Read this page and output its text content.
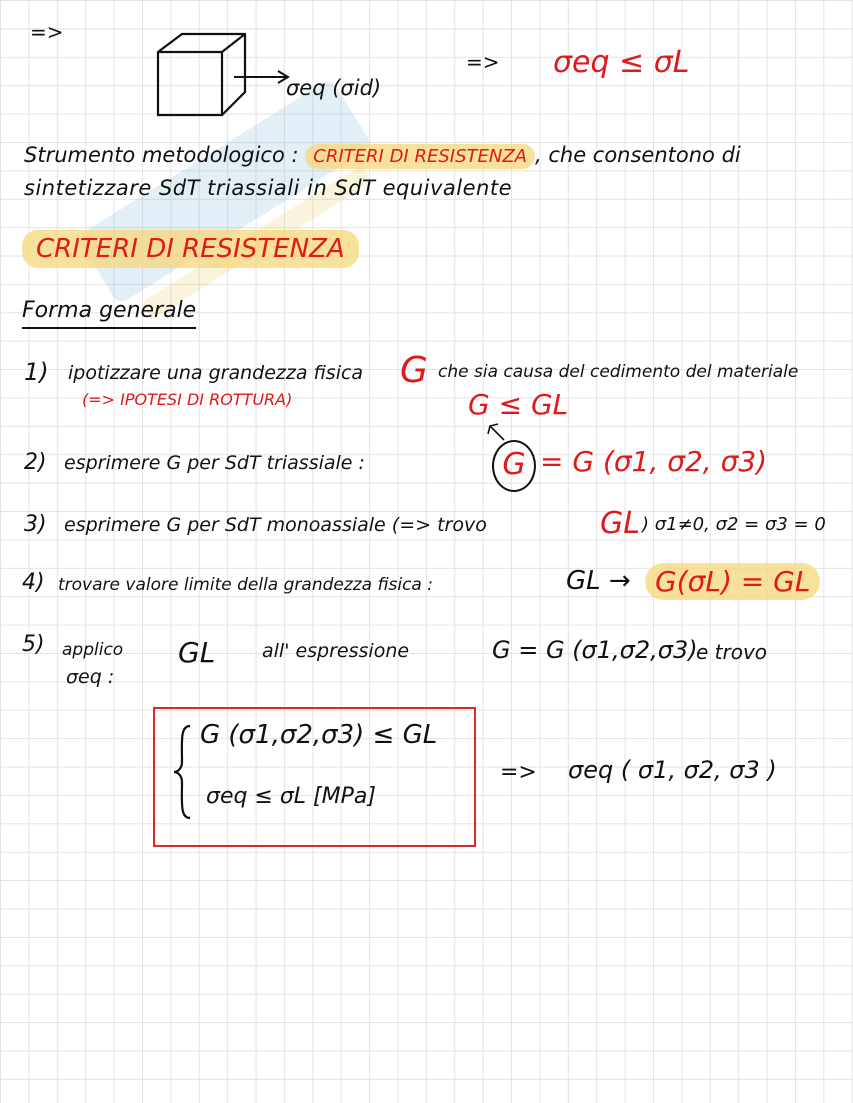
=>
σeq (σid)
=> σeq ≤ σL
Strumento metodologico : CRITERI DI RESISTENZA , che consentono di
sintetizzare SdT triassiali in SdT equivalente
CRITERI DI RESISTENZA
Forma generale
1) ipotizzare una grandezza fisica G che sia causa del cedimento del materiale
(=> IPOTESI DI ROTTURA)	G ≤ GL
2) esprimere G per SdT triassiale :	G = G (σ1, σ2, σ3)
3) esprimere G per SdT monoassiale (=> trovo	GL ) σ1≠0, σ2 = σ3 = 0
4) trovare valore limite della grandezza fisica :	GL → G(σL) = GL
5) applico
σeq :
GL all' espressione	G = G (σ1,σ2,σ3)
e trovo
G (σ1,σ2,σ3) ≤ GL
σeq ≤ σL [MPa]
=> σeq ( σ1, σ2, σ3 )
